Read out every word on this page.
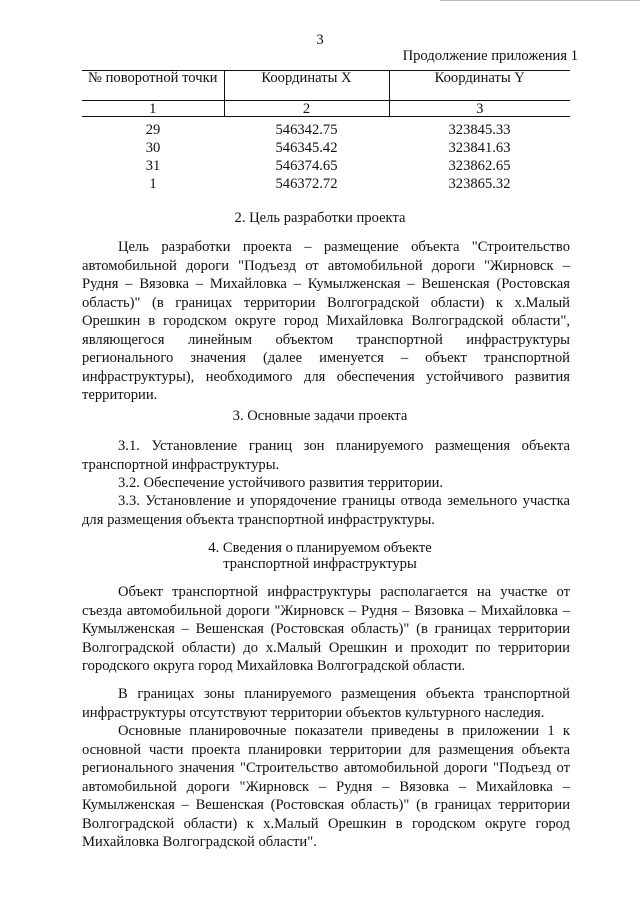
3
Продолжение приложения 1
№ поворотной точки	Координаты X	Координаты Y
1	2	3
29	546342.75	323845.33
30	546345.42	323841.63
31	546374.65	323862.65
1	546372.72	323865.32
2. Цель разработки проекта

Цель разработки проекта – размещение объекта "Строительство автомобильной дороги "Подъезд от автомобильной дороги "Жирновск – Рудня – Вязовка – Михайловка – Кумылженская – Вешенская (Ростовская область)" (в границах территории Волгоградской области) к х.Малый Орешкин в городском округе город Михайловка Волгоградской области", являющегося линейным объектом транспортной инфраструктуры регионального значения (далее именуется – объект транспортной инфраструктуры), необходимого для обеспечения устойчивого развития территории.

3. Основные задачи проекта

3.1. Установление границ зон планируемого размещения объекта транспортной инфраструктуры.

3.2. Обеспечение устойчивого развития территории.

3.3. Установление и упорядочение границы отвода земельного участка для размещения объекта транспортной инфраструктуры.

4. Сведения о планируемом объекте
транспортной инфраструктуры

Объект транспортной инфраструктуры располагается на участке от съезда автомобильной дороги "Жирновск – Рудня – Вязовка – Михайловка – Кумылженская – Вешенская (Ростовская область)" (в границах территории Волгоградской области) до х.Малый Орешкин и проходит по территории городского округа город Михайловка Волгоградской области.

В границах зоны планируемого размещения объекта транспортной инфраструктуры отсутствуют территории объектов культурного наследия.

Основные планировочные показатели приведены в приложении 1 к основной части проекта планировки территории для размещения объекта регионального значения "Строительство автомобильной дороги "Подъезд от автомобильной дороги "Жирновск – Рудня – Вязовка – Михайловка – Кумылженская – Вешенская (Ростовская область)" (в границах территории Волгоградской области) к х.Малый Орешкин в городском округе город Михайловка Волгоградской области".
